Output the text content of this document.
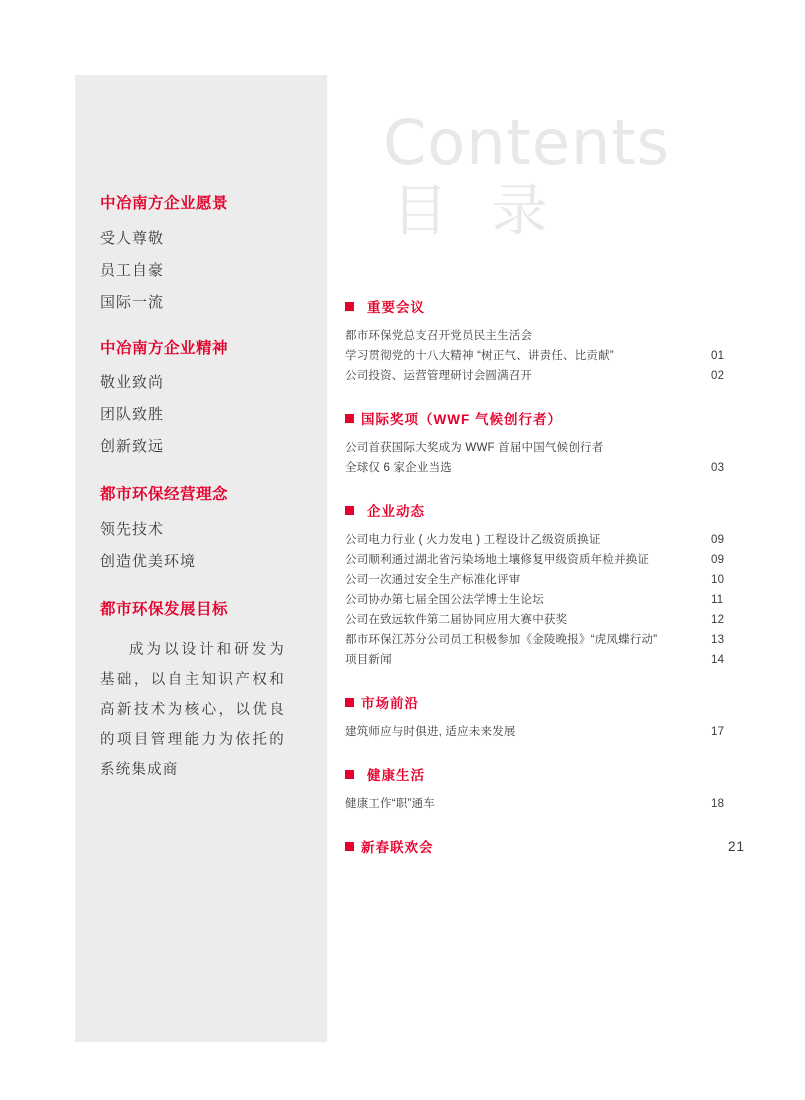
中冶南方企业愿景
受人尊敬
员工自豪
国际一流
中冶南方企业精神
敬业致尚
团队致胜
创新致远
都市环保经营理念
领先技术
创造优美环境
都市环保发展目标
成为以设计和研发为基础，以自主知识产权和高新技术为核心，以优良的项目管理能力为依托的系统集成商
Contents
目 录
重要会议
都市环保党总支召开党员民主生活会
学习贯彻党的十八大精神 “树正气、讲责任、比贡献”	01
公司投资、运营管理研讨会圆满召开	02
国际奖项（WWF 气候创行者）
公司首获国际大奖成为 WWF 首届中国气候创行者
全球仅 6 家企业当选	03
企业动态
公司电力行业 ( 火力发电 ) 工程设计乙级资质换证	09
公司顺利通过湖北省污染场地土壤修复甲级资质年检并换证	09
公司一次通过安全生产标准化评审	10
公司协办第七届全国公法学博士生论坛	11
公司在致远软件第二届协同应用大赛中获奖	12
都市环保江苏分公司员工积极参加《金陵晚报》“虎凤蝶行动”	13
项目新闻	14
市场前沿
建筑师应与时俱进, 适应未来发展	17
健康生活
健康工作“职”通车	18
新春联欢会	21
